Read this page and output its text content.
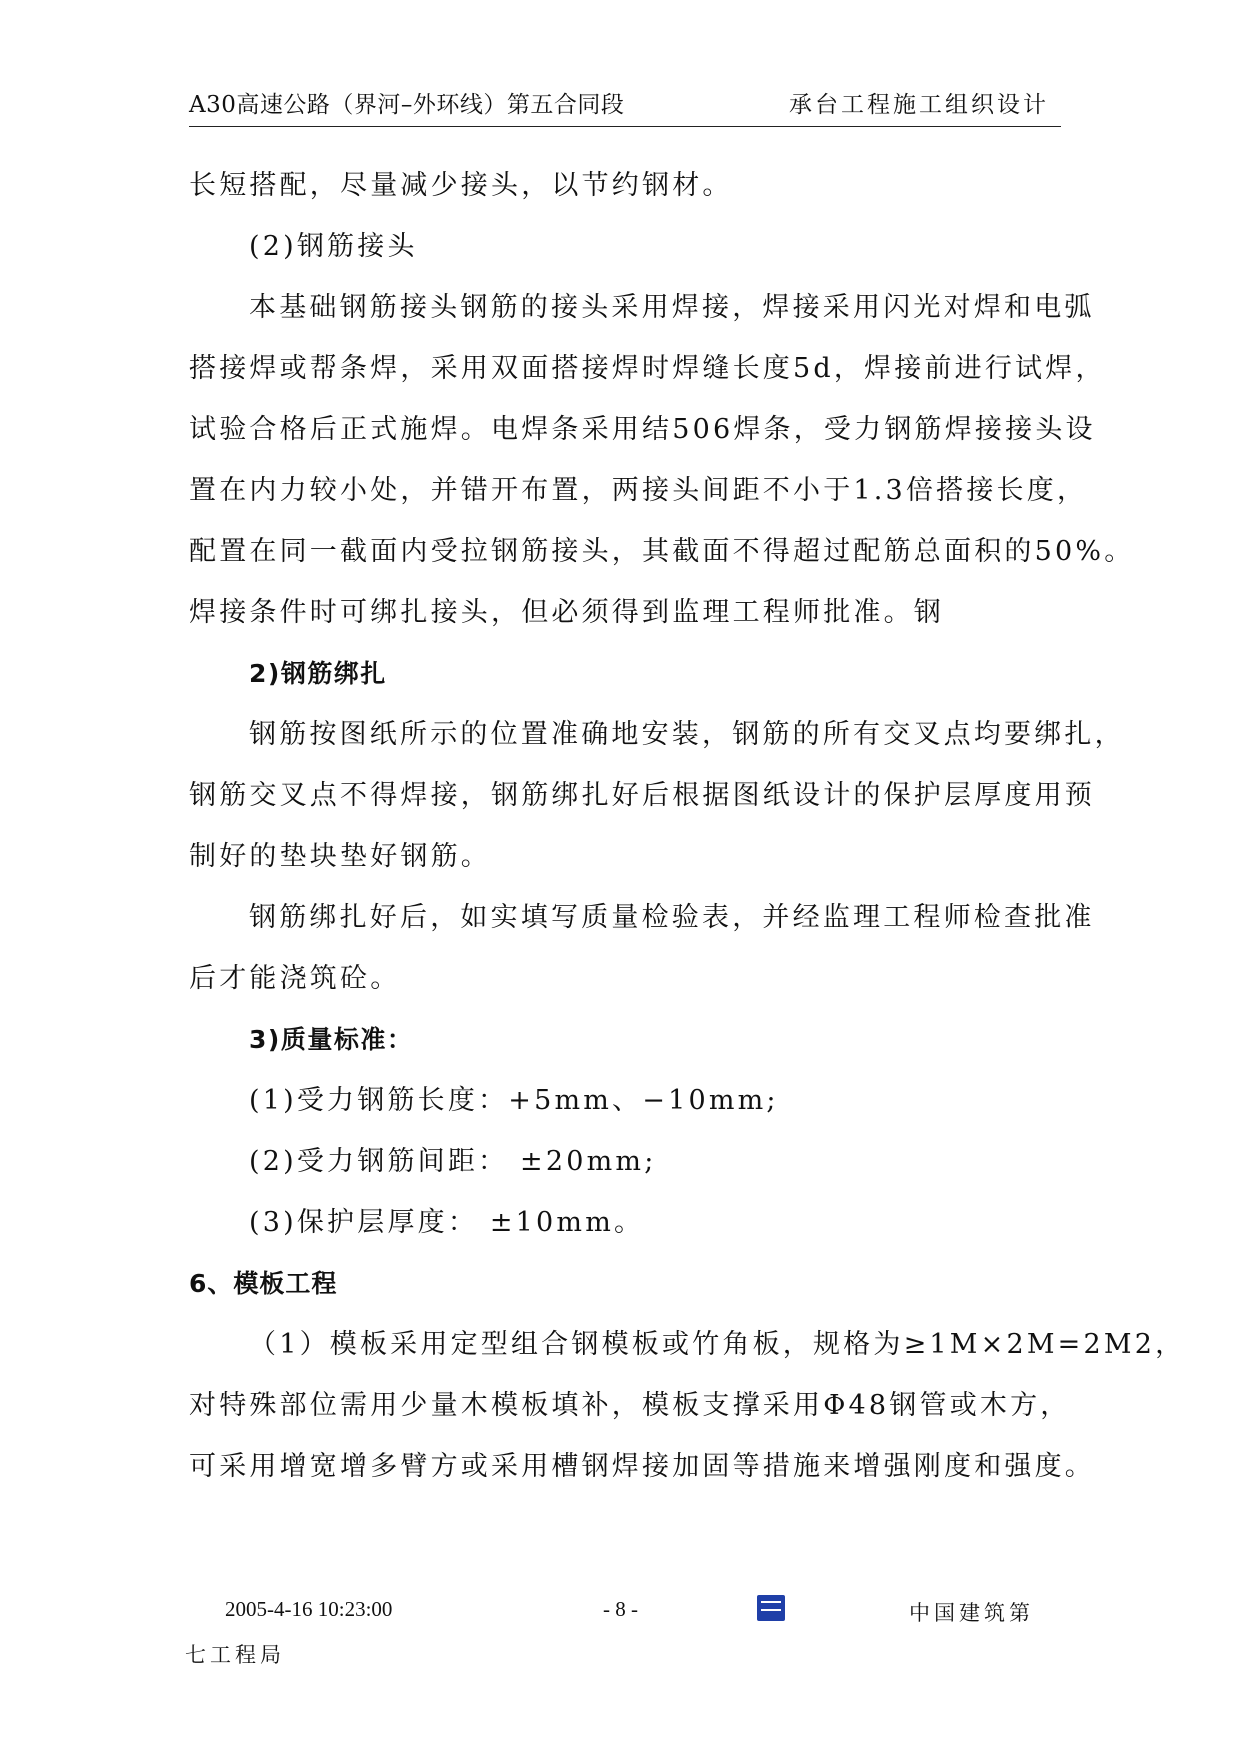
A30高速公路（界河–外环线）第五合同段	承台工程施工组织设计

长短搭配，尽量减少接头，以节约钢材。

(2)钢筋接头

本基础钢筋接头钢筋的接头采用焊接，焊接采用闪光对焊和电弧

搭接焊或帮条焊，采用双面搭接焊时焊缝长度5d，焊接前进行试焊，

试验合格后正式施焊。电焊条采用结506焊条，受力钢筋焊接接头设

置在内力较小处，并错开布置，两接头间距不小于1.3倍搭接长度，

配置在同一截面内受拉钢筋接头，其截面不得超过配筋总面积的50%。

焊接条件时可绑扎接头，但必须得到监理工程师批准。钢

2)钢筋绑扎

钢筋按图纸所示的位置准确地安装，钢筋的所有交叉点均要绑扎，

钢筋交叉点不得焊接，钢筋绑扎好后根据图纸设计的保护层厚度用预

制好的垫块垫好钢筋。

钢筋绑扎好后，如实填写质量检验表，并经监理工程师检查批准

后才能浇筑砼。

3)质量标准：

(1)受力钢筋长度：+5mm、−10mm;

(2)受力钢筋间距： ±20mm;

(3)保护层厚度： ±10mm。

6、模板工程

（1）模板采用定型组合钢模板或竹角板，规格为≥1M×2M=2M2，

对特殊部位需用少量木模板填补，模板支撑采用Φ48钢管或木方，

可采用增宽增多臂方或采用槽钢焊接加固等措施来增强刚度和强度。

2005-4-16 10:23:00	- 8 -	中国建筑第
七工程局
